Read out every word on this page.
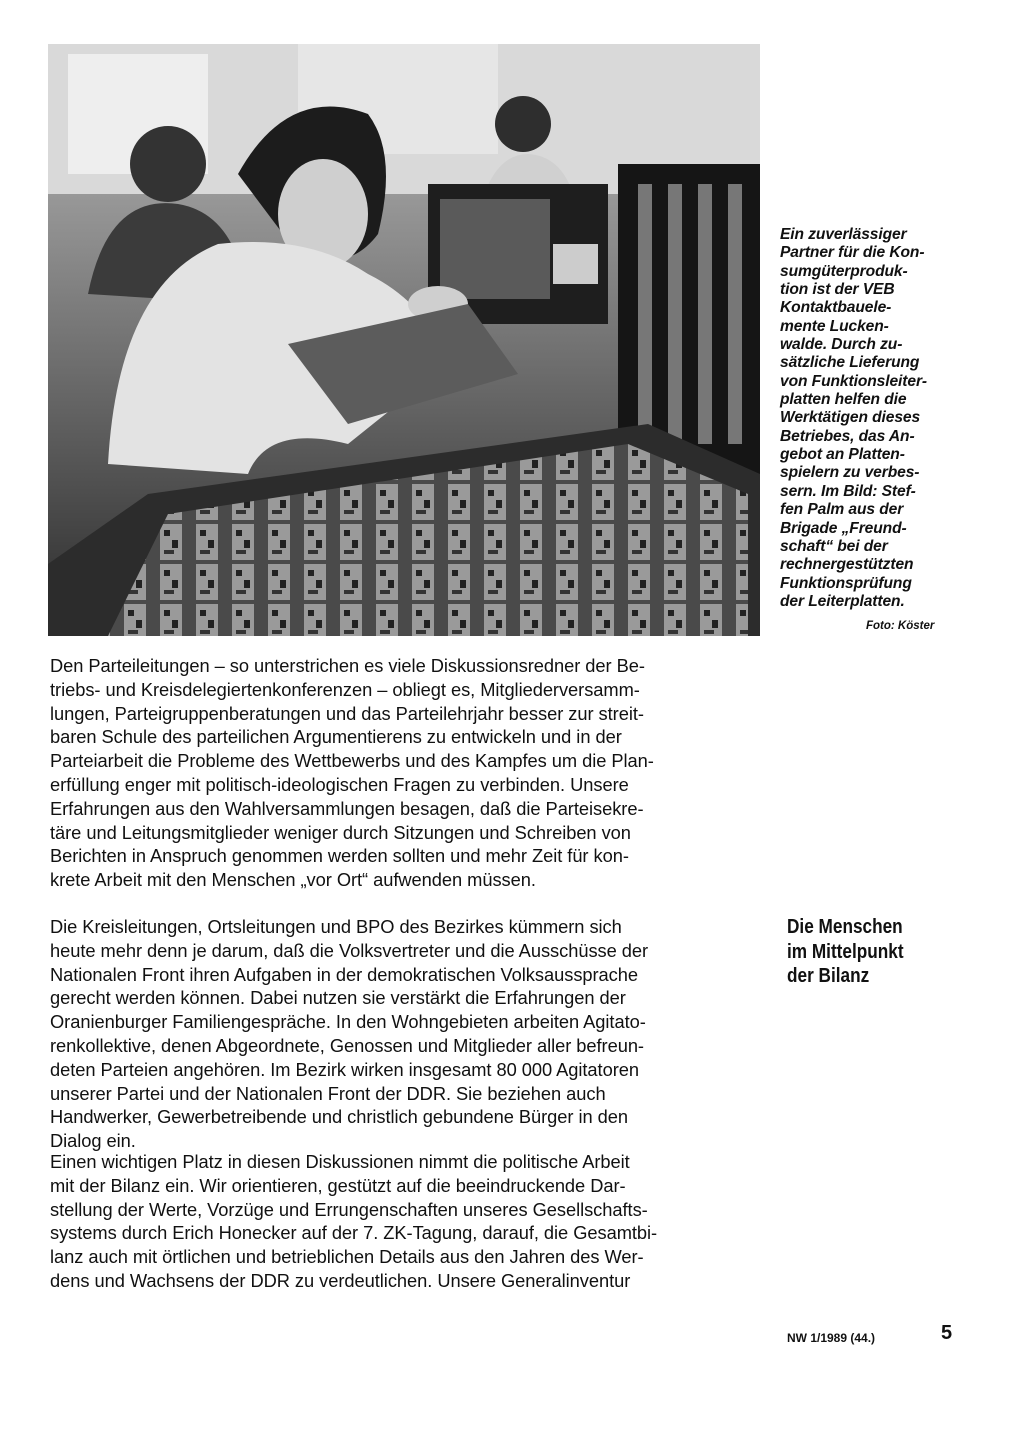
Ein zuverlässiger
Partner für die Kon-
sumgüterproduk-
tion ist der VEB
Kontaktbauele-
mente Lucken-
walde. Durch zu-
sätzliche Lieferung
von Funktionsleiter-
platten helfen die
Werktätigen dieses
Betriebes, das An-
gebot an Platten-
spielern zu verbes-
sern. Im Bild: Stef-
fen Palm aus der
Brigade „Freund-
schaft“ bei der
rechnergestützten
Funktionsprüfung
der Leiterplatten.
Foto: Köster
Den Parteileitungen – so unterstrichen es viele Diskussionsredner der Be-
triebs- und Kreisdelegiertenkonferenzen – obliegt es, Mitgliederversamm-
lungen, Parteigruppenberatungen und das Parteilehrjahr besser zur streit-
baren Schule des parteilichen Argumentierens zu entwickeln und in der
Parteiarbeit die Probleme des Wettbewerbs und des Kampfes um die Plan-
erfüllung enger mit politisch-ideologischen Fragen zu verbinden. Unsere
Erfahrungen aus den Wahlversammlungen besagen, daß die Parteisekre-
täre und Leitungsmitglieder weniger durch Sitzungen und Schreiben von
Berichten in Anspruch genommen werden sollten und mehr Zeit für kon-
krete Arbeit mit den Menschen „vor Ort“ aufwenden müssen.
Die Kreisleitungen, Ortsleitungen und BPO des Bezirkes kümmern sich
heute mehr denn je darum, daß die Volksvertreter und die Ausschüsse der
Nationalen Front ihren Aufgaben in der demokratischen Volksaussprache
gerecht werden können. Dabei nutzen sie verstärkt die Erfahrungen der
Oranienburger Familiengespräche. In den Wohngebieten arbeiten Agitato-
renkollektive, denen Abgeordnete, Genossen und Mitglieder aller befreun-
deten Parteien angehören. Im Bezirk wirken insgesamt 80 000 Agitatoren
unserer Partei und der Nationalen Front der DDR. Sie beziehen auch
Handwerker, Gewerbetreibende und christlich gebundene Bürger in den
Dialog ein.
Einen wichtigen Platz in diesen Diskussionen nimmt die politische Arbeit
mit der Bilanz ein. Wir orientieren, gestützt auf die beeindruckende Dar-
stellung der Werte, Vorzüge und Errungenschaften unseres Gesellschafts-
systems durch Erich Honecker auf der 7. ZK-Tagung, darauf, die Gesamtbi-
lanz auch mit örtlichen und betrieblichen Details aus den Jahren des Wer-
dens und Wachsens der DDR zu verdeutlichen. Unsere Generalinventur
Die Menschen
im Mittelpunkt
der Bilanz
NW 1/1989 (44.)	5
